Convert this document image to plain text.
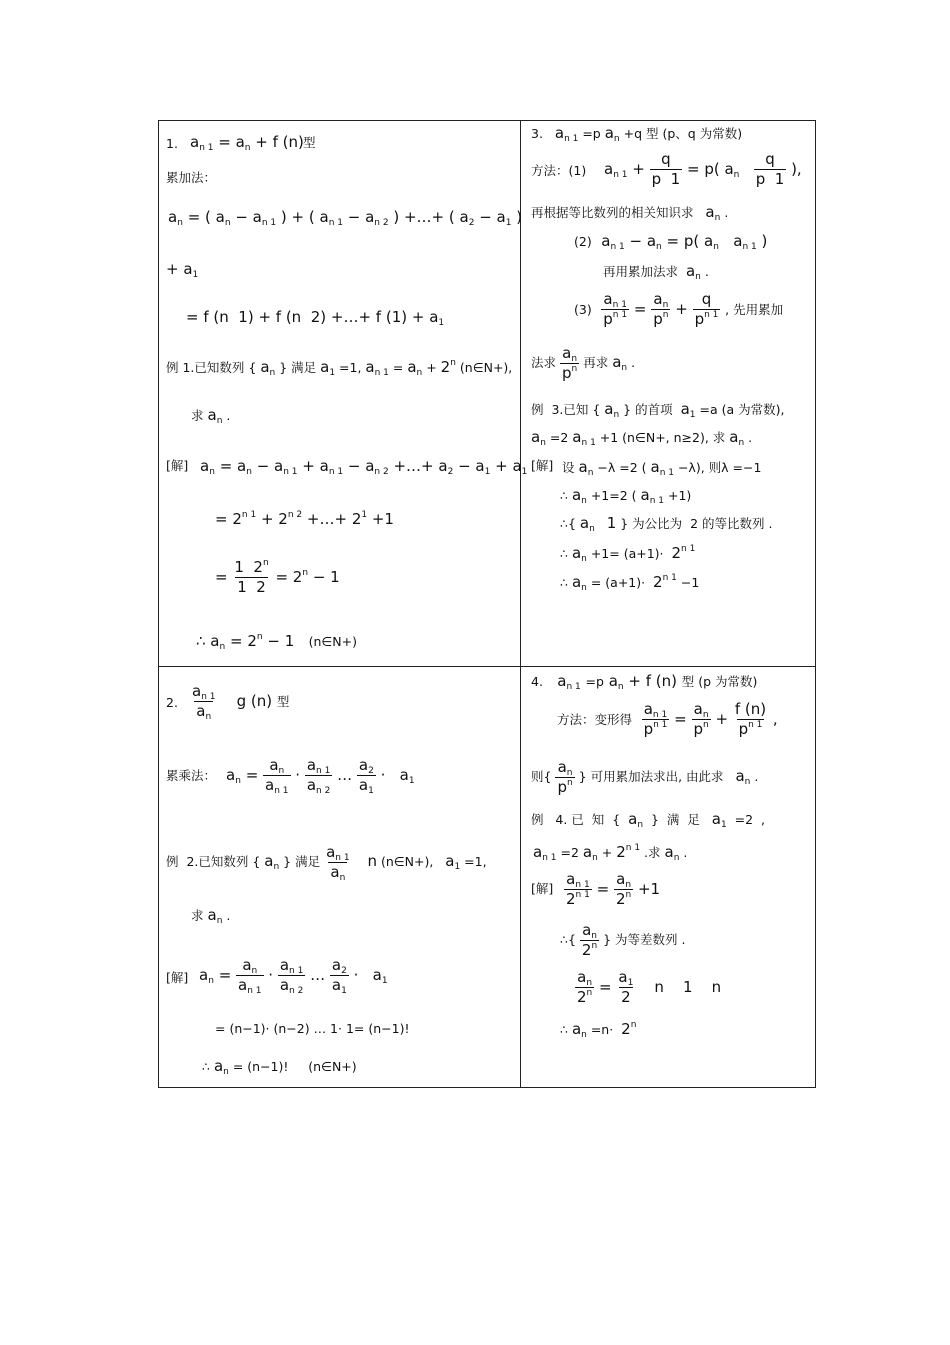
1. $a_{n 1} = a_n + f$ (n) 型
累加法：
$a_n$ = ( $a_n - a_{n 1}$ ) + ( $a_{n 1} - a_{n 2}$ ) +…+ ( $a_2 - a_1$ )
+ $a_1$
= f (n  1) + f (n  2) +…+ f $(1) + a_1$
例 1.已知数列 { $a_n$ } 满足 $a_1 =1$, $a_{n 1} = a_n + 2^n$ (n∈N+),
求 $a_n$ .
[解] $a_n = a_n - a_{n 1} + a_{n 1} - a_{n 2}$ +…+ $a_2 - a_1 + a_1$
= $2^{n 1} + 2^{n 2}$ +…+ $2^1 +1$
= $\frac{1 2^n}{1 2} = 2^n - 1$
∴ $a_n = 2^n - 1$   (n∈N+)
3.   $a_{n 1} =p$ $a_n +q$ 型 (p、q 为常数)
方法：(1) $a_{n 1} + \frac{q}{p 1} = p$( $a_n \frac{q}{p 1}$ ),
再根据等比数列的相关知识求   $a_n$ .
(2)  $a_{n 1} - a_n = p$( $a_n$   $a_{n 1}$ )
再用累加法求  $a_n$ .
$(3) \frac{a_{n 1}}{p^{n 1}} = \frac{a_n}{p^n} + \frac{q}{p^{n 1}}$ , 先用累加
法求 $\frac{a_n}{p^n}$ 再求 $a_n$ .
例  3.已知 { $a_n$ } 的首项  $a_1 =a$ (a 为常数),
$a_n =2$ $a_{n 1} +1$ (n∈N+, n≥2), 求 $a_n$ .
[解] 设 $a_n -\lambda =2$ ( $a_{n 1} -\lambda$), 则λ =−1
∴ $a_n +1=2$ ( $a_{n 1} +1$)
∴{ $a_n$ 1 } 为公比为  2 的等比数列 .
∴ $a_n +1= (a+1)\cdot 2^{n 1}$
∴ $a_n = (a+1)\cdot 2^{n 1} -1$
2. $\frac{a_{n 1}}{a_n}$ g (n) 型
累乘法： $a_n = \frac{a_n}{a_{n 1}} \cdot \frac{a_{n 1}}{a_{n 2}}$ … $\frac{a_2}{a_1} \cdot a_1$
例  2.已知数列 { $a_n$ } 满足 $\frac{a_{n 1}}{a_n}$ n (n∈N+),   $a_1 =1$,
求 $a_n$ .
[解] $a_n = \frac{a_n}{a_{n 1}} \cdot \frac{a_{n 1}}{a_{n 2}}$ … $\frac{a_2}{a_1} \cdot a_1$
= (n−1)· (n−2) … 1· 1= (n−1)!
∴ $a_n = (n-1)$!     (n∈N+)
4.   $a_{n 1} =p$ $a_n + f$ (n) 型 (p 为常数)
方法：变形得 $\frac{a_{n 1}}{p^{n 1}} = \frac{a_n}{p^n} + \frac{f (n)}{p^{n 1}}$ ,
则{ $\frac{a_n}{p^n}$ } 可用累加法求出, 由此求   $a_n$ .
例   4. 已  知  {  $a_n$  }  满  足   $a_1 =2$  ,
$a_{n 1} =2$ $a_n + 2^{n 1}$ .求 $a_n$ .
[解] $\frac{a_{n 1}}{2^{n 1}} = \frac{a_n}{2^n} +1$
∴{ $\frac{a_n}{2^n}$ } 为等差数列 .
$\frac{a_n}{2^n} = \frac{a_1}{2}$ n    1    n
∴ $a_n =n\cdot 2^n$
